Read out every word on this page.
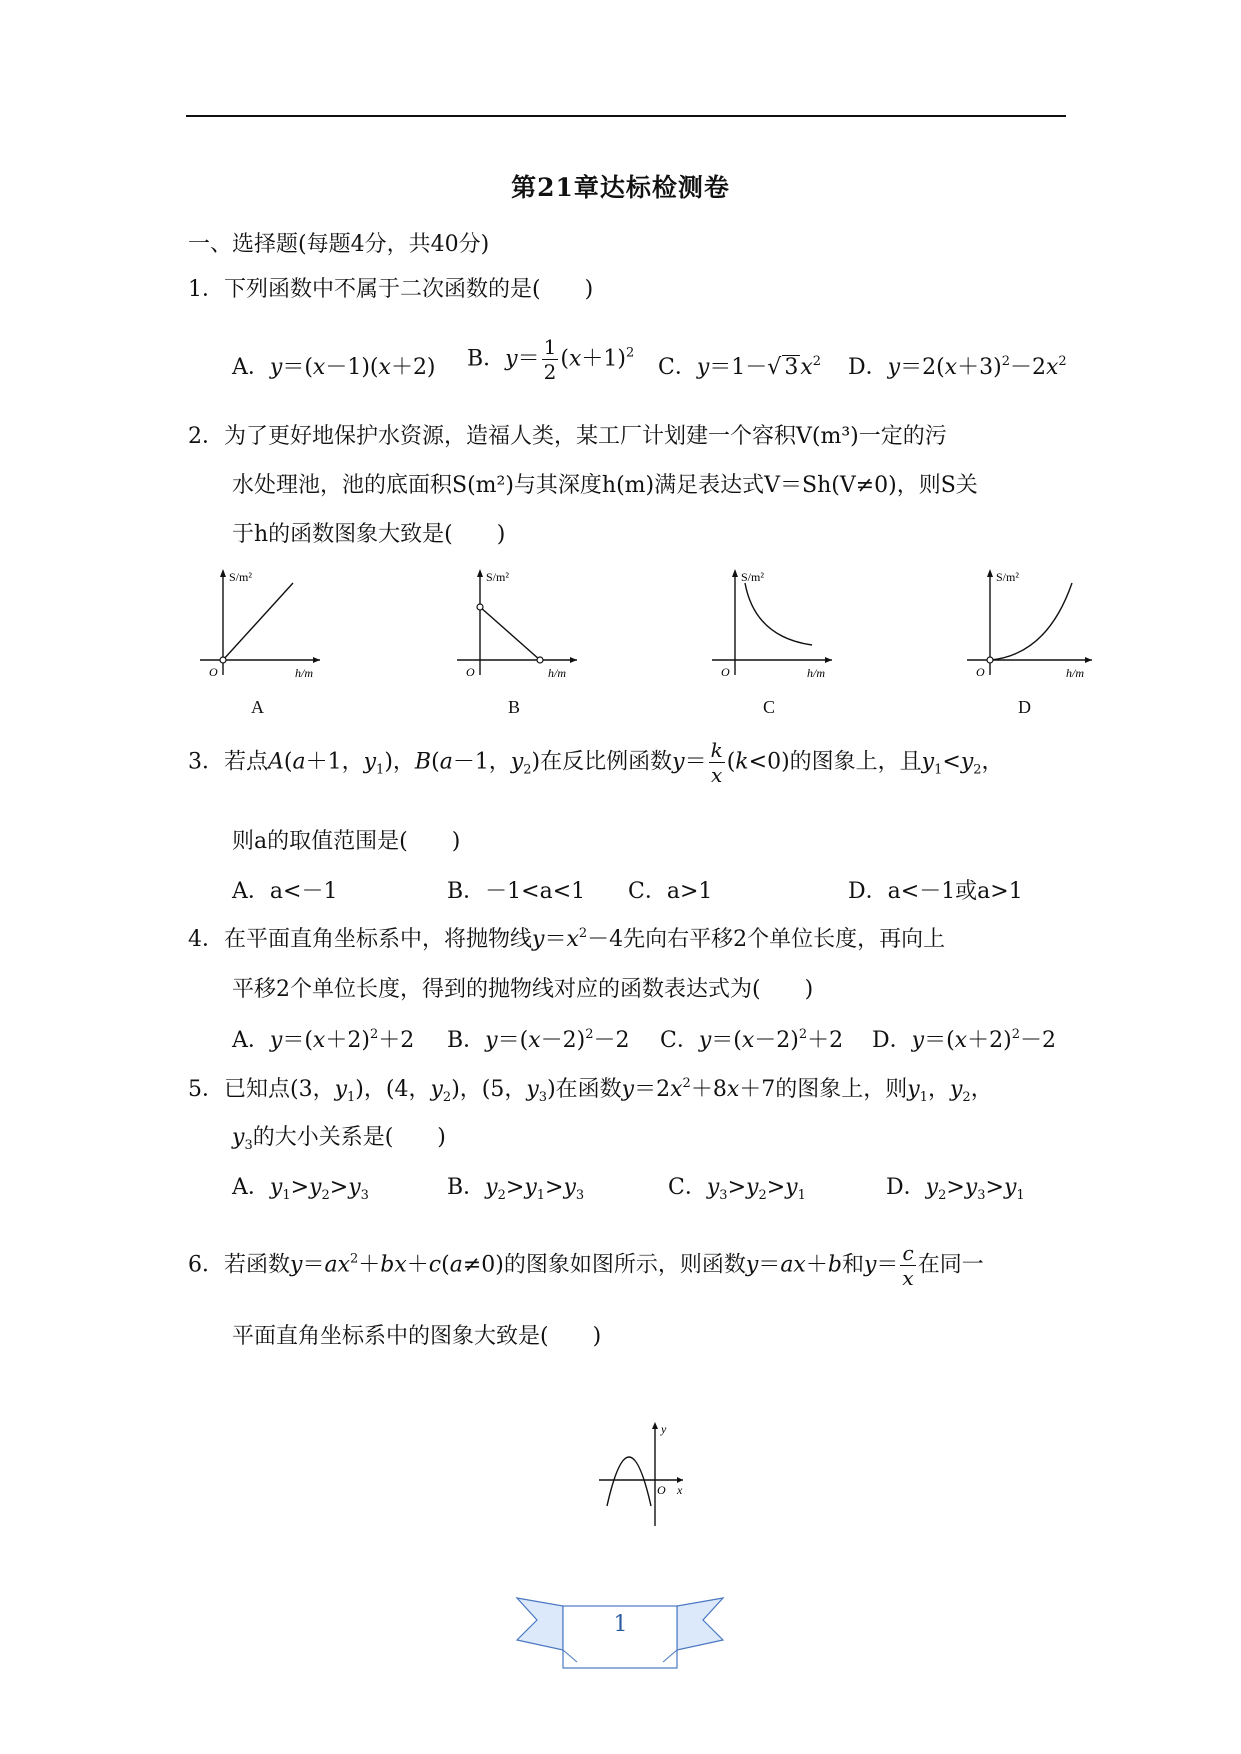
第21章达标检测卷
一、选择题(每题4分，共40分)
1．下列函数中不属于二次函数的是(　　)
A．y＝(x－1)(x＋2) B．$y= \frac{1}{2} (x+1)^2$
C．y＝1－√ $3x^2$ D．$y=2(x+3)^2-2x^2$
2．为了更好地保护水资源，造福人类，某工厂计划建一个容积V(m³)一定的污
水处理池，池的底面积S(m²)与其深度h(m)满足表达式V＝Sh(V≠0)，则S关
于h的函数图象大致是(　　)
S/m²
O	h/m
A
S/m²
O	h/m
B
S/m²
O	h/m
C
S/m²
O	h/m
D
3．若点A(a＋1，$y_1$)，B(a－1，$y_2$)在反比例函数$y= \frac{k}{x} (k<0)$的图象上，且$y_1<y_2$，
则a的取值范围是(　　)
A．a<－1	B．－1<a<1 C．a>1	D．a<－1或a>1
4．在平面直角坐标系中，将抛物线$y=x^2-4$先向右平移2个单位长度，再向上
平移2个单位长度，得到的抛物线对应的函数表达式为(　　)
A．$y=(x+2)^2+2$ B．$y=(x-2)^2-2$ C．$y=(x-2)^2+2$ D．$y=(x+2)^2-2$
5．已知点(3，$y_1$)，(4，$y_2$)，(5，$y_3$)在函数$y=2x^2+8x+7$的图象上，则$y_1$，$y_2$，
$y_3$的大小关系是(　　)
A．$y_1>y_2>y_3$	B．$y_2>y_1>y_3$	C．$y_3>y_2>y_1$	D．$y_2>y_3>y_1$
6．若函数$y=ax^2+bx+c(a\ne 0)$的图象如图所示，则函数y＝ax＋b和$y= \frac{c}{x}$ 在同一
平面直角坐标系中的图象大致是(　　)
y
O x
1
